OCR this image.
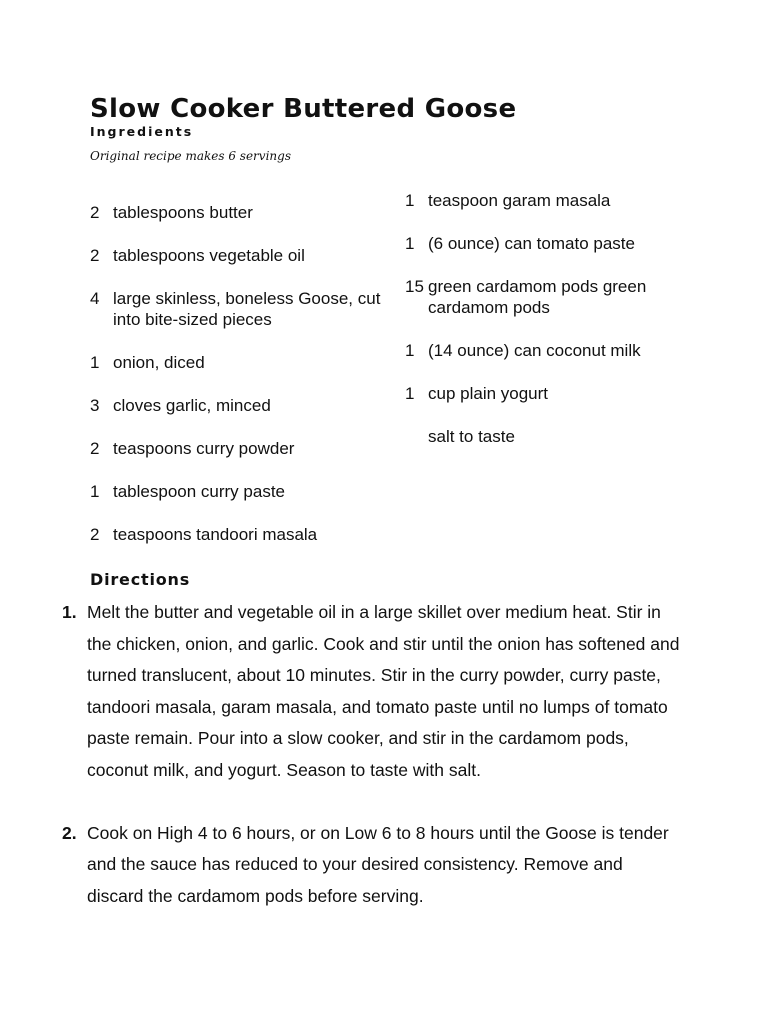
Slow Cooker Buttered Goose
Ingredients
Original recipe makes 6 servings
2 tablespoons butter
2 tablespoons vegetable oil
4 large skinless, boneless Goose, cut into bite-sized pieces
1 onion, diced
3 cloves garlic, minced
2 teaspoons curry powder
1 tablespoon curry paste
2 teaspoons tandoori masala
1 teaspoon garam masala
1 (6 ounce) can tomato paste
15 green cardamom pods green cardamom pods
1 (14 ounce) can coconut milk
1 cup plain yogurt
salt to taste
Directions
1. Melt the butter and vegetable oil in a large skillet over medium heat. Stir in the chicken, onion, and garlic. Cook and stir until the onion has softened and turned translucent, about 10 minutes. Stir in the curry powder, curry paste, tandoori masala, garam masala, and tomato paste until no lumps of tomato paste remain. Pour into a slow cooker, and stir in the cardamom pods, coconut milk, and yogurt. Season to taste with salt.
2. Cook on High 4 to 6 hours, or on Low 6 to 8 hours until the Goose is tender and the sauce has reduced to your desired consistency. Remove and discard the cardamom pods before serving.
